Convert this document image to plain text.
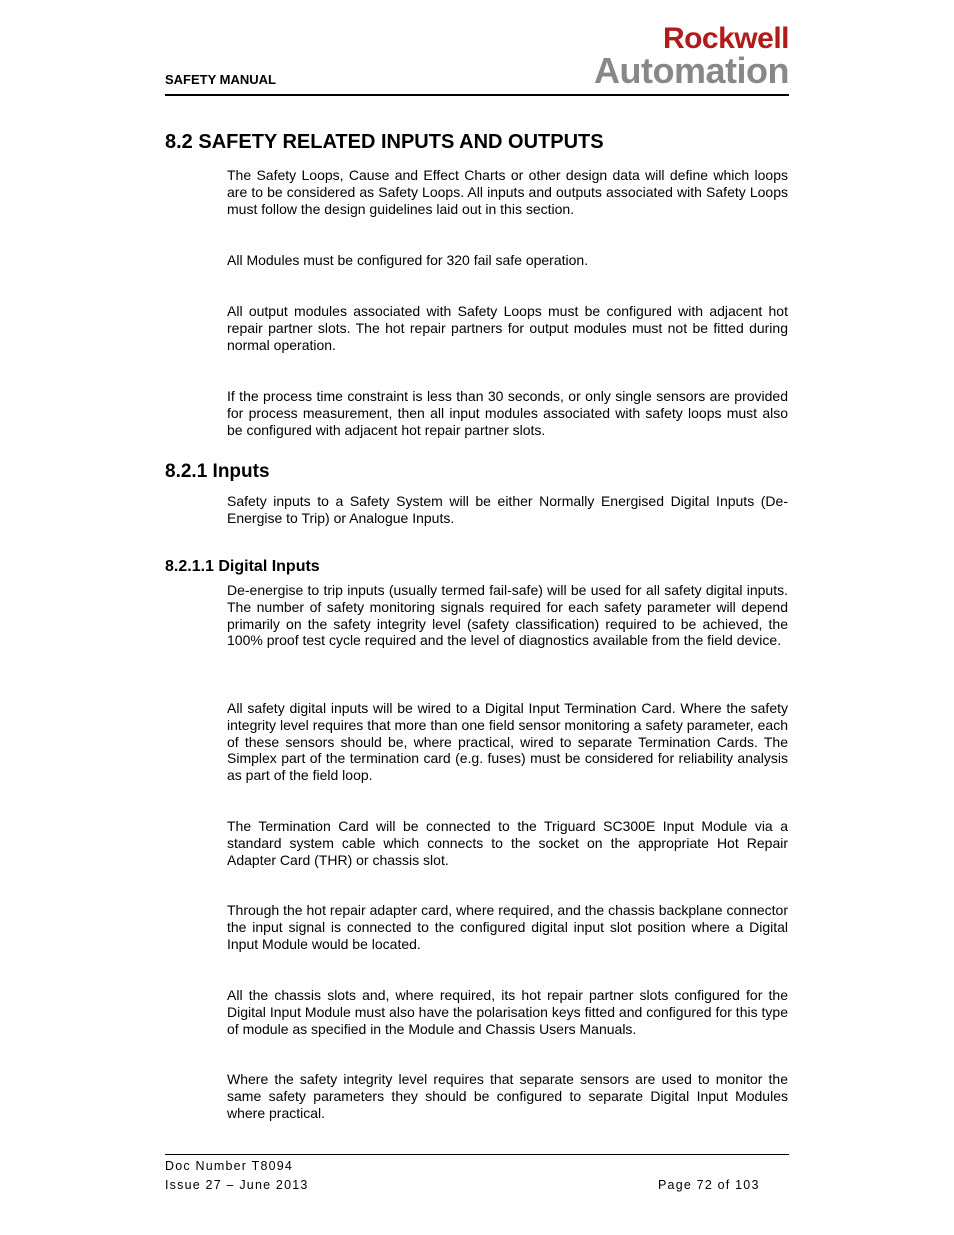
SAFETY MANUAL
Rockwell
Automation
8.2 SAFETY RELATED INPUTS AND OUTPUTS
The Safety Loops, Cause and Effect Charts or other design data will define which loops are to be considered as Safety Loops. All inputs and outputs associated with Safety Loops must follow the design guidelines laid out in this section.
All Modules must be configured for 320 fail safe operation.
All output modules associated with Safety Loops must be configured with adjacent hot repair partner slots. The hot repair partners for output modules must not be fitted during normal operation.
If the process time constraint is less than 30 seconds, or only single sensors are provided for process measurement, then all input modules associated with safety loops must also be configured with adjacent hot repair partner slots.
8.2.1 Inputs
Safety inputs to a Safety System will be either Normally Energised Digital Inputs (De-Energise to Trip) or Analogue Inputs.
8.2.1.1 Digital Inputs
De-energise to trip inputs (usually termed fail-safe) will be used for all safety digital inputs. The number of safety monitoring signals required for each safety parameter will depend primarily on the safety integrity level (safety classification) required to be achieved, the 100% proof test cycle required and the level of diagnostics available from the field device.
All safety digital inputs will be wired to a Digital Input Termination Card. Where the safety integrity level requires that more than one field sensor monitoring a safety parameter, each of these sensors should be, where practical, wired to separate Termination Cards. The Simplex part of the termination card (e.g. fuses) must be considered for reliability analysis as part of the field loop.
The Termination Card will be connected to the Triguard SC300E Input Module via a standard system cable which connects to the socket on the appropriate Hot Repair Adapter Card (THR) or chassis slot.
Through the hot repair adapter card, where required, and the chassis backplane connector the input signal is connected to the configured digital input slot position where a Digital Input Module would be located.
All the chassis slots and, where required, its hot repair partner slots configured for the Digital Input Module must also have the polarisation keys fitted and configured for this type of module as specified in the Module and Chassis Users Manuals.
Where the safety integrity level requires that separate sensors are used to monitor the same safety parameters they should be configured to separate Digital Input Modules where practical.
Doc Number T8094
Issue 27 – June 2013	Page 72 of 103
